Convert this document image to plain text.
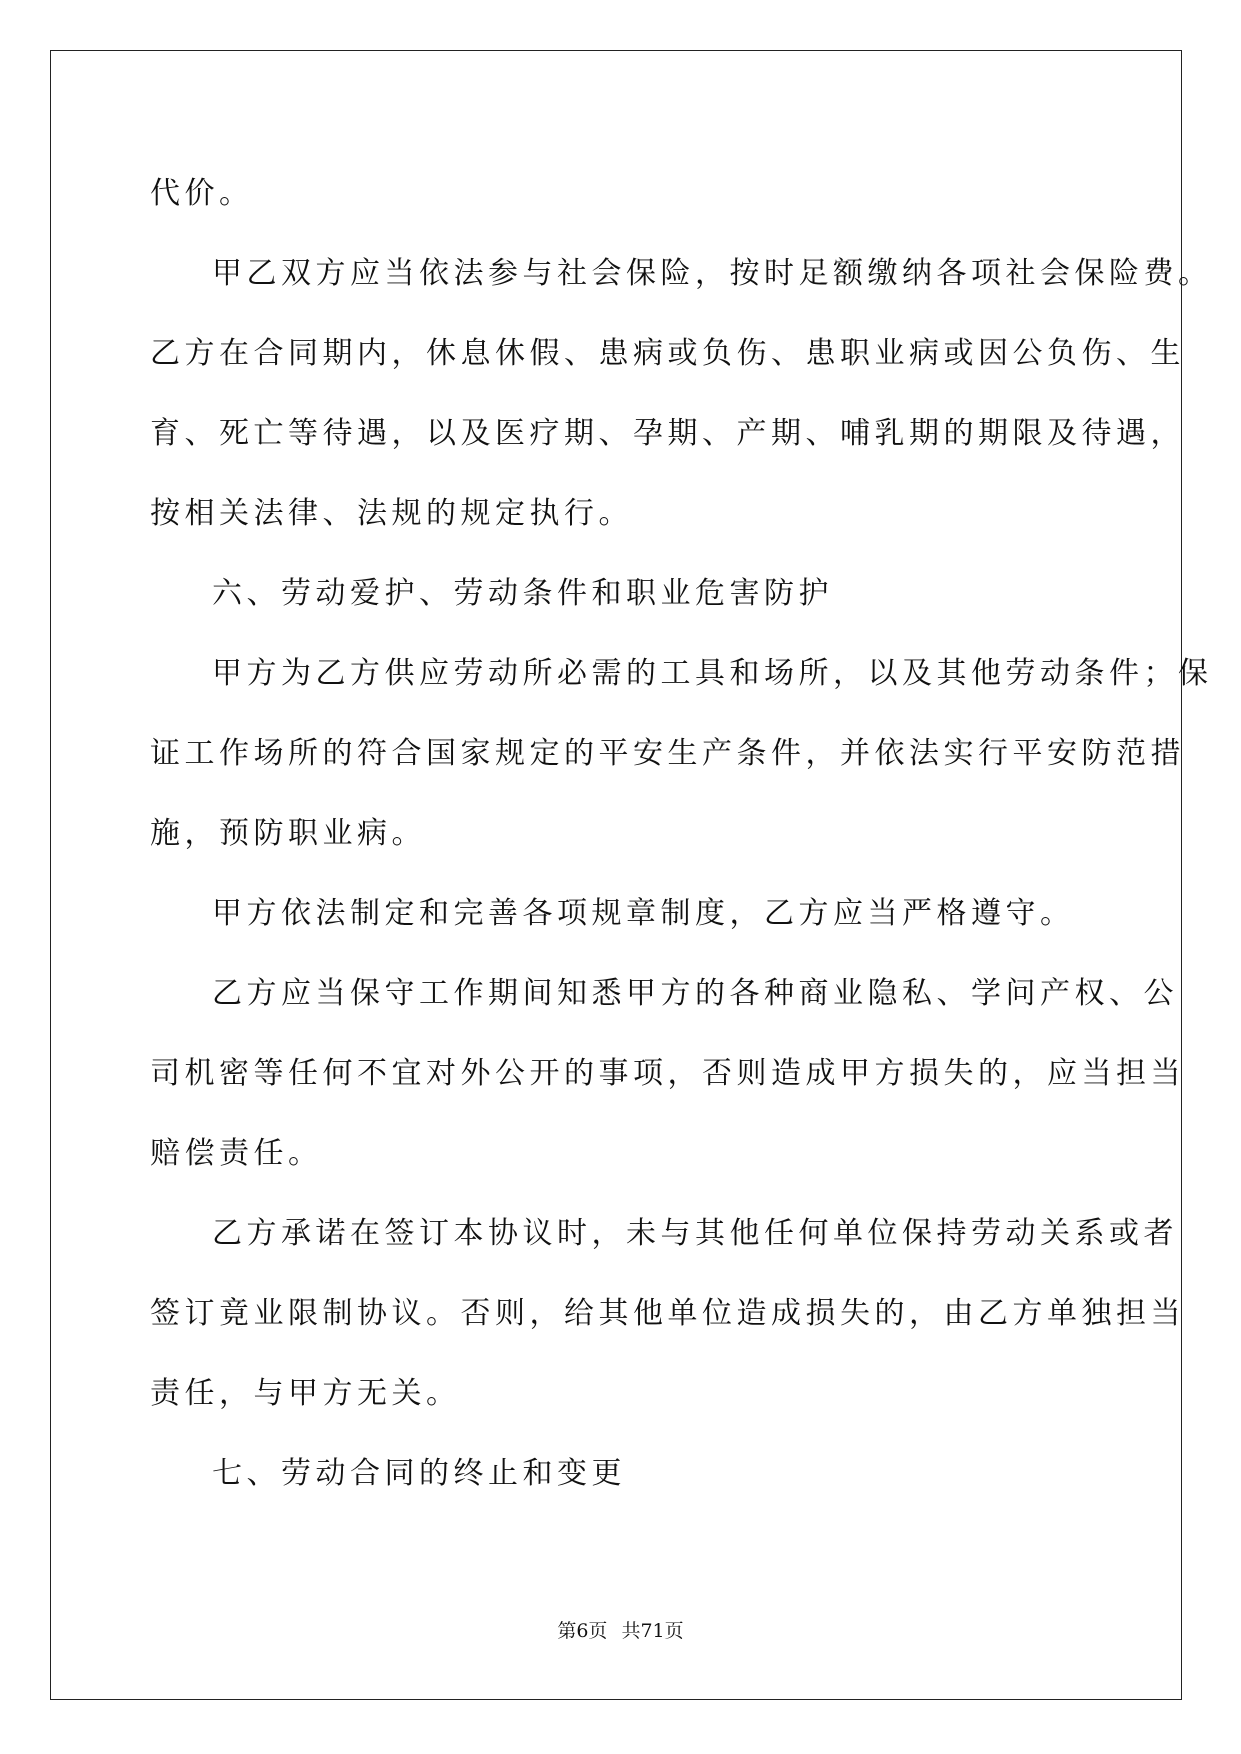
代价。

甲乙双方应当依法参与社会保险，按时足额缴纳各项社会保险费。

乙方在合同期内，休息休假、患病或负伤、患职业病或因公负伤、生

育、死亡等待遇，以及医疗期、孕期、产期、哺乳期的期限及待遇，

按相关法律、法规的规定执行。

六、劳动爱护、劳动条件和职业危害防护

甲方为乙方供应劳动所必需的工具和场所，以及其他劳动条件；保

证工作场所的符合国家规定的平安生产条件，并依法实行平安防范措

施，预防职业病。

甲方依法制定和完善各项规章制度，乙方应当严格遵守。

乙方应当保守工作期间知悉甲方的各种商业隐私、学问产权、公

司机密等任何不宜对外公开的事项，否则造成甲方损失的，应当担当

赔偿责任。

乙方承诺在签订本协议时，未与其他任何单位保持劳动关系或者

签订竟业限制协议。否则，给其他单位造成损失的，由乙方单独担当

责任，与甲方无关。

七、劳动合同的终止和变更

第6页 共71页
